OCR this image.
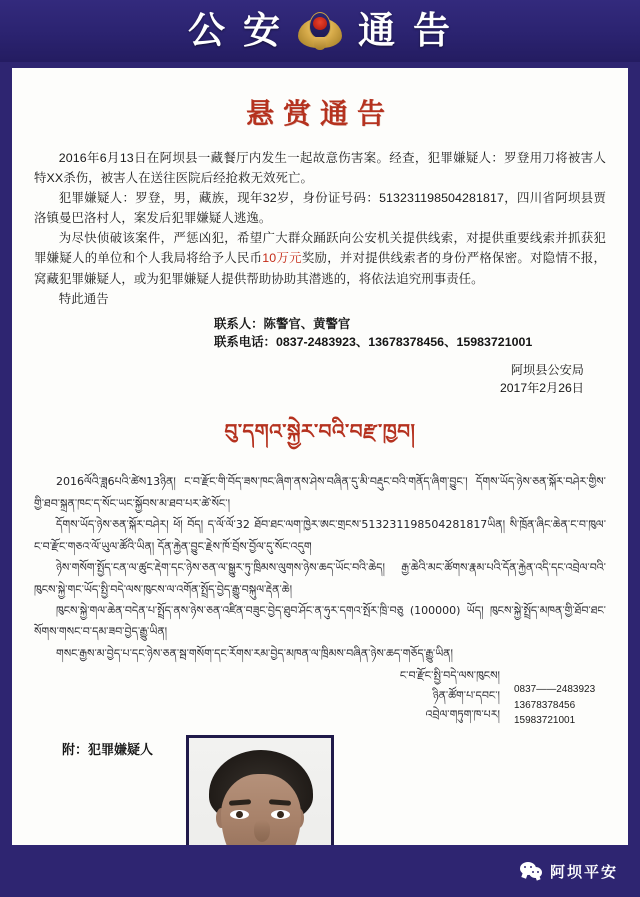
公 安 通 告
悬赏通告

2016年6月13日在阿坝县一藏餐厅内发生一起故意伤害案。经查，犯罪嫌疑人：罗登用刀将被害人特XX杀伤，被害人在送往医院后经抢救无效死亡。

犯罪嫌疑人：罗登，男，藏族，现年32岁，身份证号码：513231198504281817，四川省阿坝县贾洛镇曼巴洛村人，案发后犯罪嫌疑人逃逸。

为尽快侦破该案件，严惩凶犯，希望广大群众踊跃向公安机关提供线索，对提供重要线索并抓获犯罪嫌疑人的单位和个人我局将给予人民币10万元奖励，并对提供线索者的身份严格保密。对隐情不报，窝藏犯罪嫌疑人，或为犯罪嫌疑人提供帮助协助其潜逃的，将依法追究刑事责任。

特此通告

联系人：陈警官、黄警官
联系电话：0837-2483923、13678378456、15983721001
阿坝县公安局
2017年2月26日
བུ་དགའ་སྐྱེར་བའི་བརྫ་ཁྱབ།

2016ལོའི་ཟླ6པའི་ཚེས13ཉིན། ང་བ་རྫོང་གི་བོད་ཟས་ཁང་ཞིག་ནས་ཤེས་བཞིན་དུ་མི་བརྡུང་བའི་གནོད་ཞིག་བྱུང་། དོགས་ཡོད་ཉེས་ཅན་སྐོར་བཤེར་གྱིས་གྱི་ཐབ་སྐྲན་ཁང་ད་སོང་ཡང་སྐྱོབས་མ་ཐབ་པར་ཚེ་སོང་།

དོགས་ཡོད་ཉེས་ཅན་སྐོར་བཤེར། ཕོ། བོད། ད་ལོ་ལོ་32 ཐོབ་ཐང་ལག་ཁྱེར་ཨང་གྲངས་513231198504281817ཡིན། སི་ཁྲོན་ཞིང་ཆེན་ང་བ་ཁུལ་ང་བ་རྫོང་གཅའ་ལོ་ཡུལ་ཚོའི་ཡིན། དོན་རྐྱེན་བྱུང་རྗེས་ཁོ་བྲོས་བྱོལ་དུ་སོང་འདུག

ཉེས་གསོག་སྤྱོད་ངན་ལ་ཚུང་རྡེག་དང་ཉེས་ཅན་ལ་སྒྱུར་ཏུ་ཁྲིམས་ལུགས་ཉེས་ཆད་ཡོང་བའི་ཆེད། རྒྱ་ཆེའི་མང་ཚོགས་རྣམ་པའི་དོན་རྐྱེན་འདི་དང་འབྲེལ་བའི་ཁུངས་སྐྱེ་གང་ཡོད་སྤྱི་བདེ་ལས་ཁུངས་ལ་འགོན་སྤྲོད་བྱེད་རྒྱུ་བསྐུལ་རྡེན་ཆེ།

ཁུངས་སྐྱེ་གལ་ཆེན་བདེན་པ་སྤྲོད་ནས་ཉེས་ཅན་འཛིན་བཟུང་བྱེད་ཐུབ་ཤོང་ན་ཧུར་དགའ་སྤོར་ཁྲི་བཅུ (100000) ཡོད། ཁུངས་སྐྱེ་སྤྲོད་མཁན་གྱི་ཐོབ་ཐང་སོགས་གསང་བ་དམ་ཟབ་བྱེད་རྒྱུ་ཡིན།

གསང་རྒྱས་མ་བྱེད་པ་དང་ཉེས་ཅན་སྦ་གསོག་དང་རོགས་རམ་བྱེད་མཁན་ལ་ཁྲིམས་བཞིན་ཉེས་ཆད་གཅོད་རྒྱུ་ཡིན།

ང་བ་རྫོང་སྤྱི་བདེ་ལས་ཁུངས།
ཉིན་ཚོག་པ་དབང་།
འབྲེལ་གཏུག་ཁ་པར།
0837——2483923
13678378456
15983721001
附：犯罪嫌疑人
阿坝平安
